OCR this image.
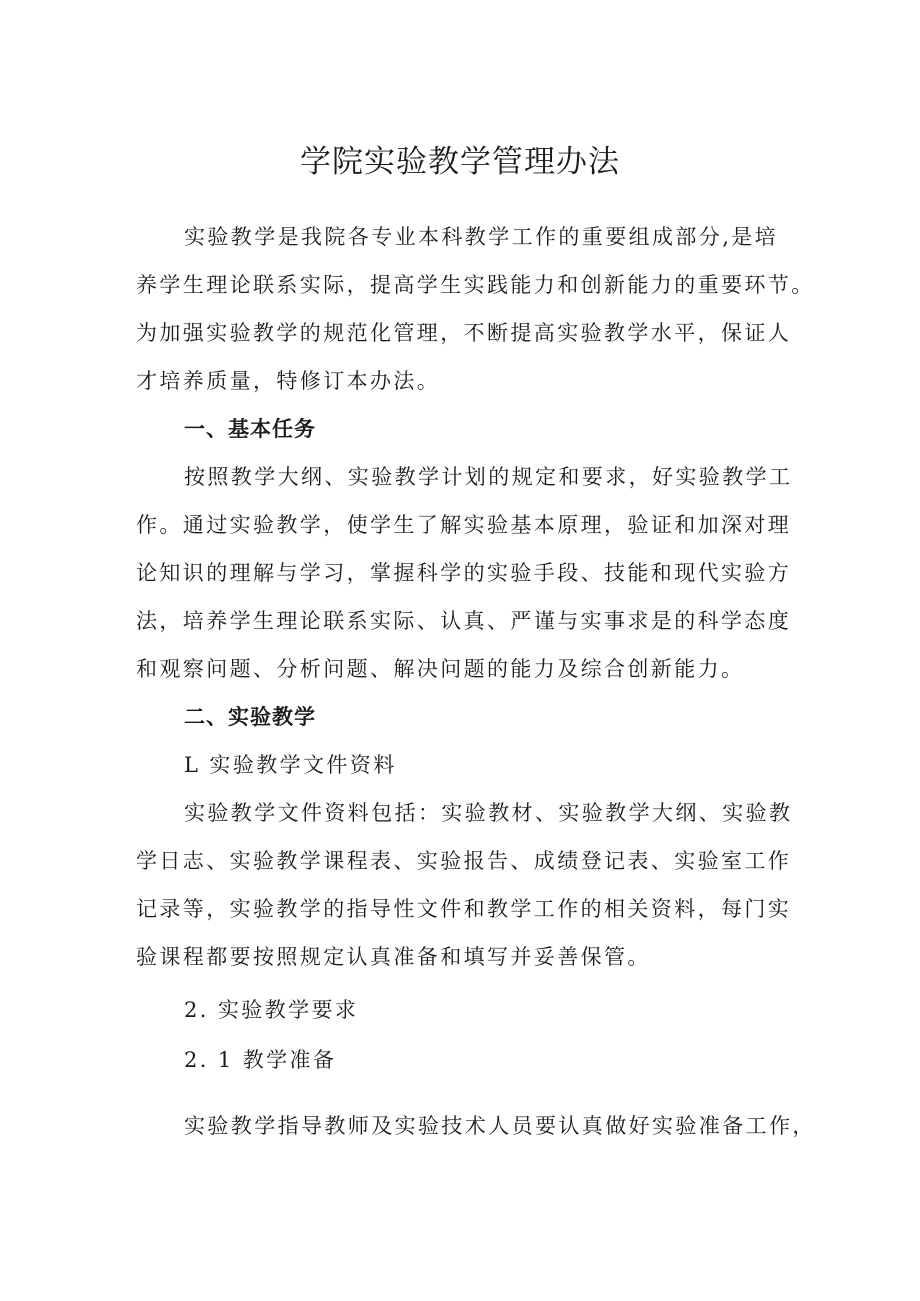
学院实验教学管理办法
实验教学是我院各专业本科教学工作的重要组成部分,是培
养学生理论联系实际，提高学生实践能力和创新能力的重要环节。
为加强实验教学的规范化管理，不断提高实验教学水平，保证人
才培养质量，特修订本办法。
一、基本任务
按照教学大纲、实验教学计划的规定和要求，好实验教学工
作。通过实验教学，使学生了解实验基本原理，验证和加深对理
论知识的理解与学习，掌握科学的实验手段、技能和现代实验方
法，培养学生理论联系实际、认真、严谨与实事求是的科学态度
和观察问题、分析问题、解决问题的能力及综合创新能力。
二、实验教学
L 实验教学文件资料
实验教学文件资料包括：实验教材、实验教学大纲、实验教
学日志、实验教学课程表、实验报告、成绩登记表、实验室工作
记录等，实验教学的指导性文件和教学工作的相关资料，每门实
验课程都要按照规定认真准备和填写并妥善保管。
2. 实验教学要求
2. 1 教学准备
实验教学指导教师及实验技术人员要认真做好实验准备工作，
